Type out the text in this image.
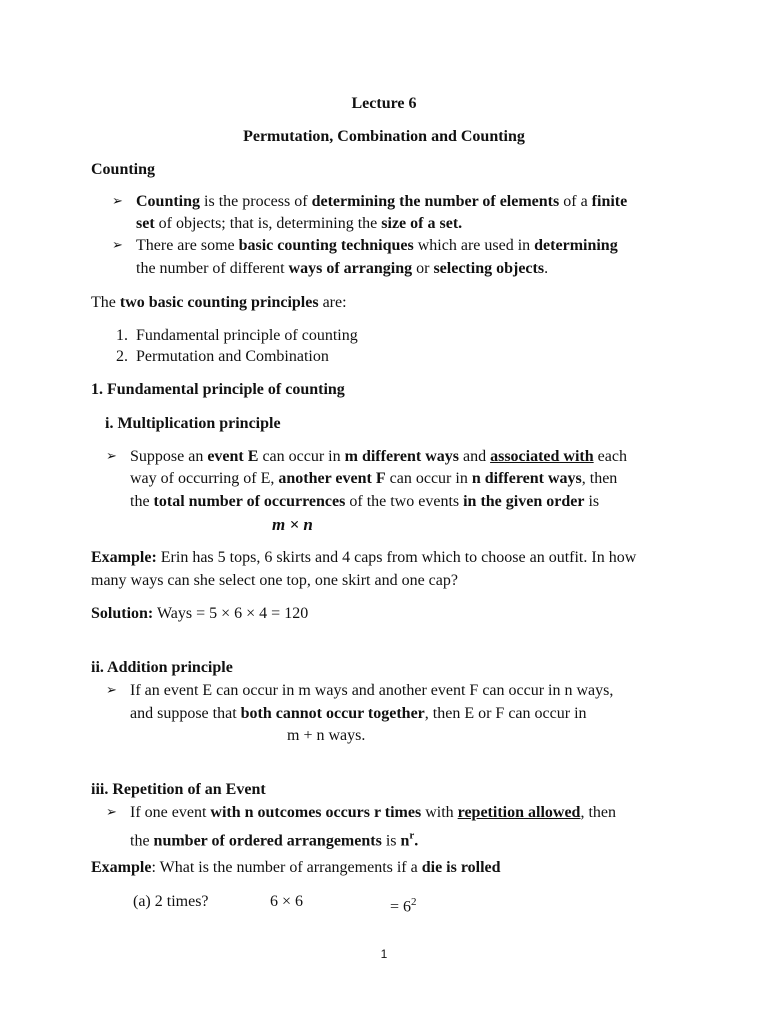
Lecture 6
Permutation, Combination and Counting
Counting
➢ Counting is the process of determining the number of elements of a finite
set of objects; that is, determining the size of a set.
➢ There are some basic counting techniques which are used in determining
the number of different ways of arranging or selecting objects.
The two basic counting principles are:
1. Fundamental principle of counting
2. Permutation and Combination
1. Fundamental principle of counting
i. Multiplication principle
➢ Suppose an event E can occur in m different ways and associated with each
way of occurring of E, another event F can occur in n different ways, then
the total number of occurrences of the two events in the given order is
m × n
Example: Erin has 5 tops, 6 skirts and 4 caps from which to choose an outfit. In how
many ways can she select one top, one skirt and one cap?
Solution: Ways = 5 × 6 × 4 = 120
ii. Addition principle
➢ If an event E can occur in m ways and another event F can occur in n ways,
and suppose that both cannot occur together, then E or F can occur in
m + n ways.
iii. Repetition of an Event
➢ If one event with n outcomes occurs r times with repetition allowed, then
the number of ordered arrangements is $n^r$.
Example: What is the number of arrangements if a die is rolled
(a) 2 times?	6 × 6	= $6^2$
1
